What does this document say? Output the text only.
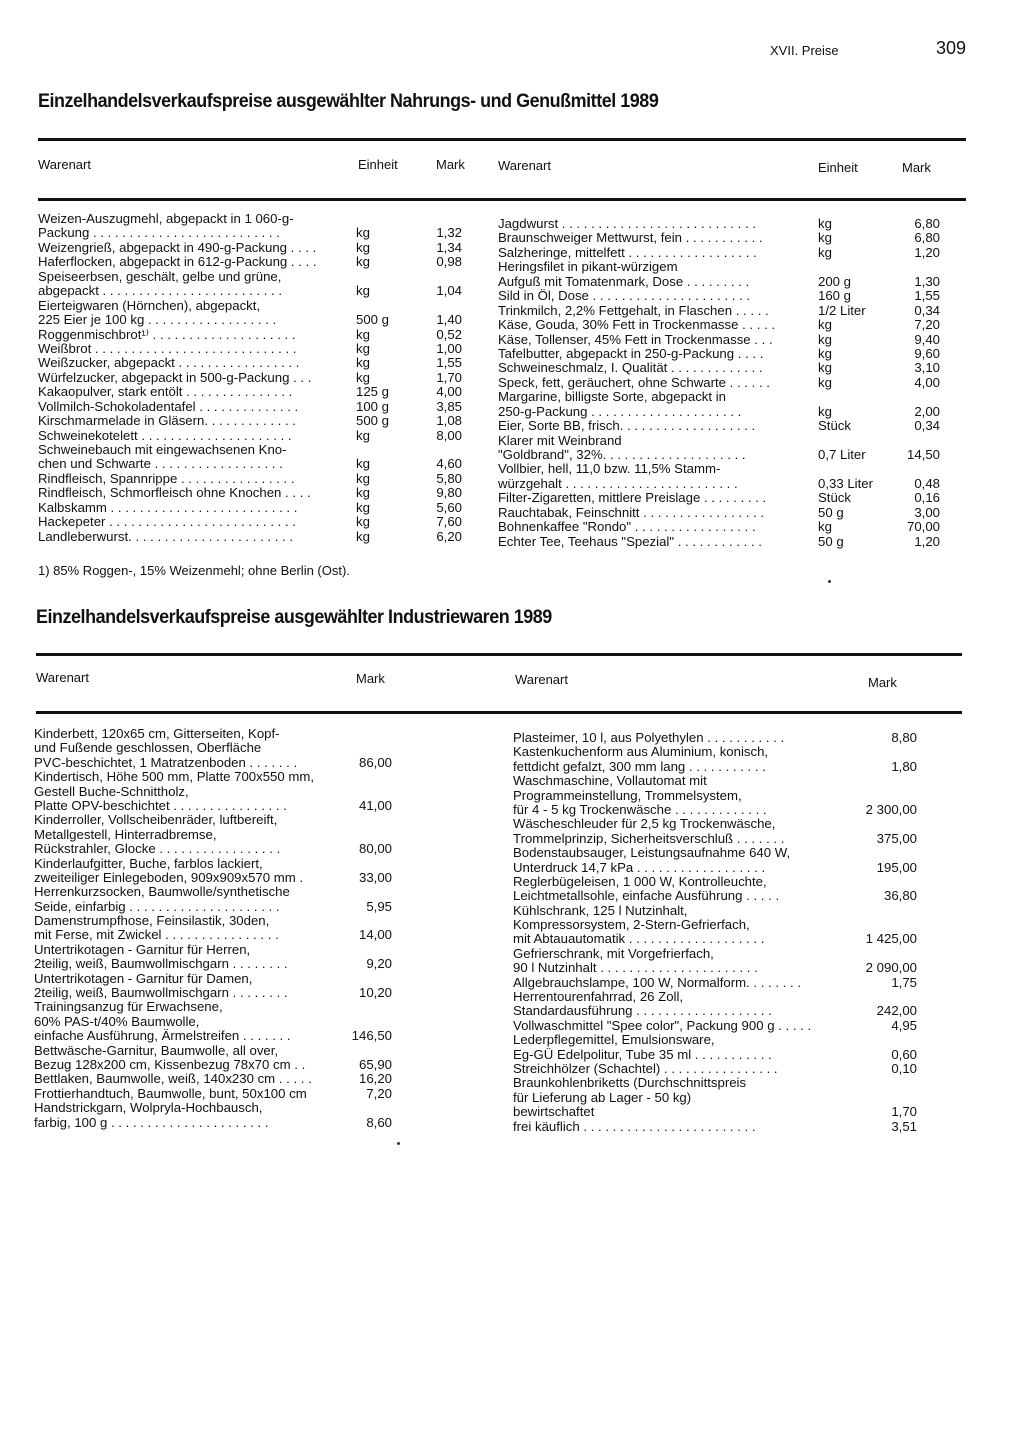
XVII. Preise	309
Einzelhandelsverkaufspreise ausgewählter Nahrungs- und Genußmittel 1989
Warenart	Einheit	Mark	Warenart	Einheit	Mark
Weizen-Auszugmehl, abgepackt in 1 060-g-
Packung . . . . . . . . . . . . . . . . . . . . . . . . . .	kg	1,32
Weizengrieß, abgepackt in 490-g-Packung . . . .	kg	1,34
Haferflocken, abgepackt in 612-g-Packung . . . .	kg	0,98
Speiseerbsen, geschält, gelbe und grüne,
abgepackt . . . . . . . . . . . . . . . . . . . . . . . . .	kg	1,04
Eierteigwaren (Hörnchen), abgepackt,
225 Eier je 100 kg . . . . . . . . . . . . . . . . . .	500 g	1,40
Roggenmischbrot¹⁾ . . . . . . . . . . . . . . . . . . . .	kg	0,52
Weißbrot . . . . . . . . . . . . . . . . . . . . . . . . . . . .	kg	1,00
Weißzucker, abgepackt . . . . . . . . . . . . . . . . .	kg	1,55
Würfelzucker, abgepackt in 500-g-Packung . . .	kg	1,70
Kakaopulver, stark entölt . . . . . . . . . . . . . . .	125 g	4,00
Vollmilch-Schokoladentafel . . . . . . . . . . . . . .	100 g	3,85
Kirschmarmelade in Gläsern. . . . . . . . . . . . .	500 g	1,08
Schweinekotelett . . . . . . . . . . . . . . . . . . . . .	kg	8,00
Schweinebauch mit eingewachsenen Kno-
chen und Schwarte . . . . . . . . . . . . . . . . . .	kg	4,60
Rindfleisch, Spannrippe . . . . . . . . . . . . . . . .	kg	5,80
Rindfleisch, Schmorfleisch ohne Knochen . . . .	kg	9,80
Kalbskamm . . . . . . . . . . . . . . . . . . . . . . . . . .	kg	5,60
Hackepeter . . . . . . . . . . . . . . . . . . . . . . . . . .	kg	7,60
Landleberwurst. . . . . . . . . . . . . . . . . . . . . . .	kg	6,20
Jagdwurst . . . . . . . . . . . . . . . . . . . . . . . . . . .	kg	6,80
Braunschweiger Mettwurst, fein . . . . . . . . . . .	kg	6,80
Salzheringe, mittelfett . . . . . . . . . . . . . . . . . .	kg	1,20
Heringsfilet in pikant-würzigem
Aufguß mit Tomatenmark, Dose . . . . . . . . .	200 g	1,30
Sild in Öl, Dose . . . . . . . . . . . . . . . . . . . . . .	160 g	1,55
Trinkmilch, 2,2% Fettgehalt, in Flaschen . . . . .	1/2 Liter	0,34
Käse, Gouda, 30% Fett in Trockenmasse . . . . .	kg	7,20
Käse, Tollenser, 45% Fett in Trockenmasse . . .	kg	9,40
Tafelbutter, abgepackt in 250-g-Packung . . . .	kg	9,60
Schweineschmalz, I. Qualität . . . . . . . . . . . . .	kg	3,10
Speck, fett, geräuchert, ohne Schwarte . . . . . .	kg	4,00
Margarine, billigste Sorte, abgepackt in
250-g-Packung . . . . . . . . . . . . . . . . . . . . .	kg	2,00
Eier, Sorte BB, frisch. . . . . . . . . . . . . . . . . . .	Stück	0,34
Klarer mit Weinbrand
"Goldbrand", 32%. . . . . . . . . . . . . . . . . . . .	0,7 Liter	14,50
Vollbier, hell, 11,0 bzw. 11,5% Stamm-
würzgehalt . . . . . . . . . . . . . . . . . . . . . . . .	0,33 Liter	0,48
Filter-Zigaretten, mittlere Preislage . . . . . . . . .	Stück	0,16
Rauchtabak, Feinschnitt . . . . . . . . . . . . . . . . .	50 g	3,00
Bohnenkaffee "Rondo" . . . . . . . . . . . . . . . . .	kg	70,00
Echter Tee, Teehaus "Spezial" . . . . . . . . . . . .	50 g	1,20
1) 85% Roggen-, 15% Weizenmehl; ohne Berlin (Ost).
Einzelhandelsverkaufspreise ausgewählter Industriewaren 1989
Warenart	Mark	Warenart	Mark
Kinderbett, 120x65 cm, Gitterseiten, Kopf-
und Fußende geschlossen, Oberfläche
PVC-beschichtet, 1 Matratzenboden . . . . . . .	86,00
Kindertisch, Höhe 500 mm, Platte 700x550 mm,
Gestell Buche-Schnittholz,
Platte OPV-beschichtet . . . . . . . . . . . . . . . .	41,00
Kinderroller, Vollscheibenräder, luftbereift,
Metallgestell, Hinterradbremse,
Rückstrahler, Glocke . . . . . . . . . . . . . . . . .	80,00
Kinderlaufgitter, Buche, farblos lackiert,
zweiteiliger Einlegeboden, 909x909x570 mm .	33,00
Herrenkurzsocken, Baumwolle/synthetische
Seide, einfarbig . . . . . . . . . . . . . . . . . . . . .	5,95
Damenstrumpfhose, Feinsilastik, 30den,
mit Ferse, mit Zwickel . . . . . . . . . . . . . . . .	14,00
Untertrikotagen - Garnitur für Herren,
2teilig, weiß, Baumwollmischgarn . . . . . . . .	9,20
Untertrikotagen - Garnitur für Damen,
2teilig, weiß, Baumwollmischgarn . . . . . . . .	10,20
Trainingsanzug für Erwachsene,
60% PAS-t/40% Baumwolle,
einfache Ausführung, Ärmelstreifen . . . . . . .	146,50
Bettwäsche-Garnitur, Baumwolle, all over,
Bezug 128x200 cm, Kissenbezug 78x70 cm . .	65,90
Bettlaken, Baumwolle, weiß, 140x230 cm . . . . .	16,20
Frottierhandtuch, Baumwolle, bunt, 50x100 cm	7,20
Handstrickgarn, Wolpryla-Hochbausch,
farbig, 100 g . . . . . . . . . . . . . . . . . . . . . .	8,60
Plasteimer, 10 l, aus Polyethylen . . . . . . . . . . .	8,80
Kastenkuchenform aus Aluminium, konisch,
fettdicht gefalzt, 300 mm lang . . . . . . . . . . .	1,80
Waschmaschine, Vollautomat mit
Programmeinstellung, Trommelsystem,
für 4 - 5 kg Trockenwäsche . . . . . . . . . . . . .	2 300,00
Wäscheschleuder für 2,5 kg Trockenwäsche,
Trommelprinzip, Sicherheitsverschluß . . . . . . .	375,00
Bodenstaubsauger, Leistungsaufnahme 640 W,
Unterdruck 14,7 kPa . . . . . . . . . . . . . . . . . .	195,00
Reglerbügeleisen, 1 000 W, Kontrolleuchte,
Leichtmetallsohle, einfache Ausführung . . . . .	36,80
Kühlschrank, 125 l Nutzinhalt,
Kompressorsystem, 2-Stern-Gefrierfach,
mit Abtauautomatik . . . . . . . . . . . . . . . . . . .	1 425,00
Gefrierschrank, mit Vorgefrierfach,
90 l Nutzinhalt . . . . . . . . . . . . . . . . . . . . . .	2 090,00
Allgebrauchslampe, 100 W, Normalform. . . . . . . .	1,75
Herrentourenfahrrad, 26 Zoll,
Standardausführung . . . . . . . . . . . . . . . . . . .	242,00
Vollwaschmittel "Spee color", Packung 900 g . . . . .	4,95
Lederpflegemittel, Emulsionsware,
Eg-GÜ Edelpolitur, Tube 35 ml . . . . . . . . . . .	0,60
Streichhölzer (Schachtel) . . . . . . . . . . . . . . . .	0,10
Braunkohlenbriketts (Durchschnittspreis
für Lieferung ab Lager - 50 kg)
bewirtschaftet	1,70
frei käuflich . . . . . . . . . . . . . . . . . . . . . . . .	3,51
